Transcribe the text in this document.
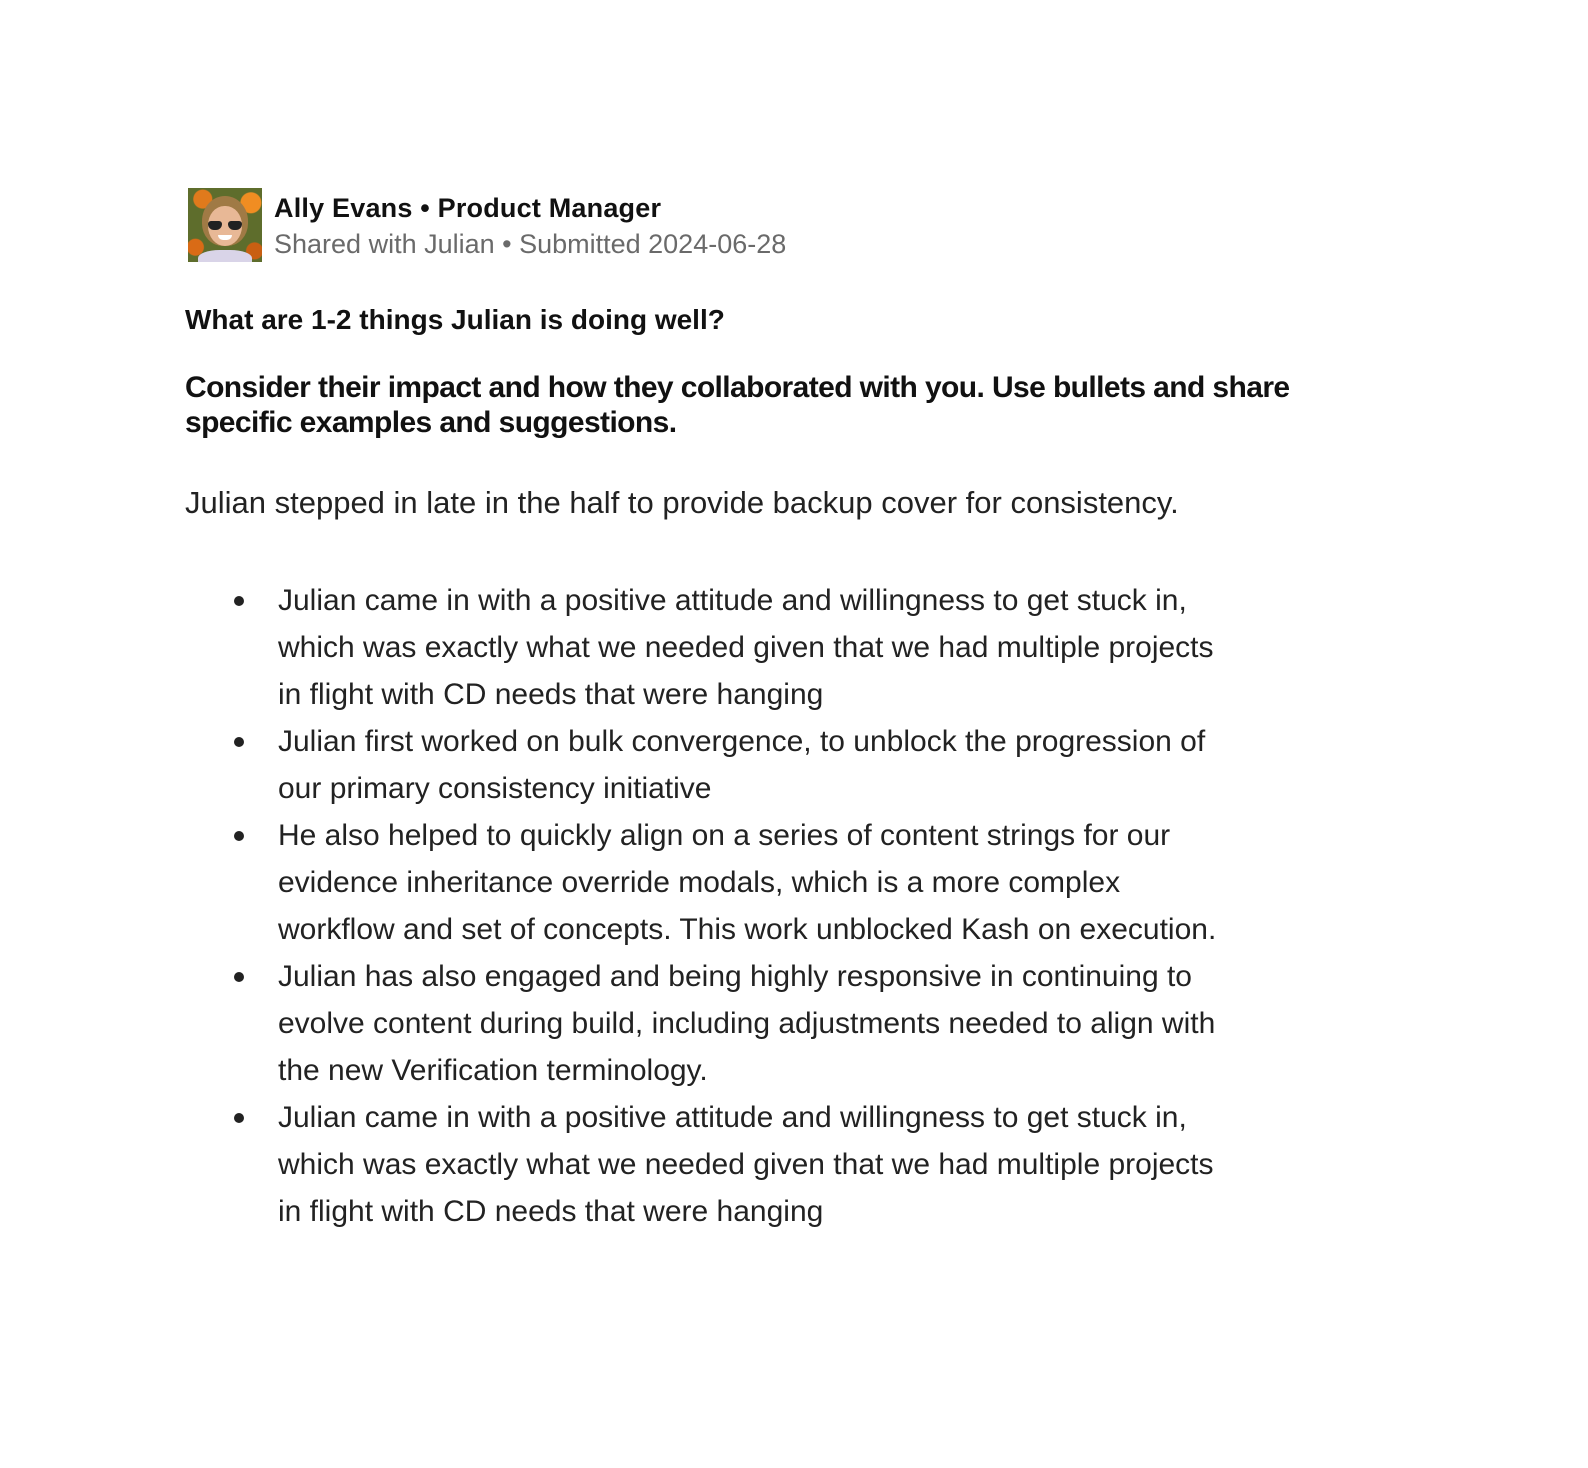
Ally Evans • Product Manager
Shared with Julian • Submitted 2024-06-28
What are 1-2 things Julian is doing well?
Consider their impact and how they collaborated with you. Use bullets and share specific examples and suggestions.
Julian stepped in late in the half to provide backup cover for consistency.
Julian came in with a positive attitude and willingness to get stuck in, which was exactly what we needed given that we had multiple projects in flight with CD needs that were hanging
Julian first worked on bulk convergence, to unblock the progression of our primary consistency initiative
He also helped to quickly align on a series of content strings for our evidence inheritance override modals, which is a more complex workflow and set of concepts. This work unblocked Kash on execution.
Julian has also engaged and being highly responsive in continuing to evolve content during build, including adjustments needed to align with the new Verification terminology.
Julian came in with a positive attitude and willingness to get stuck in, which was exactly what we needed given that we had multiple projects in flight with CD needs that were hanging
